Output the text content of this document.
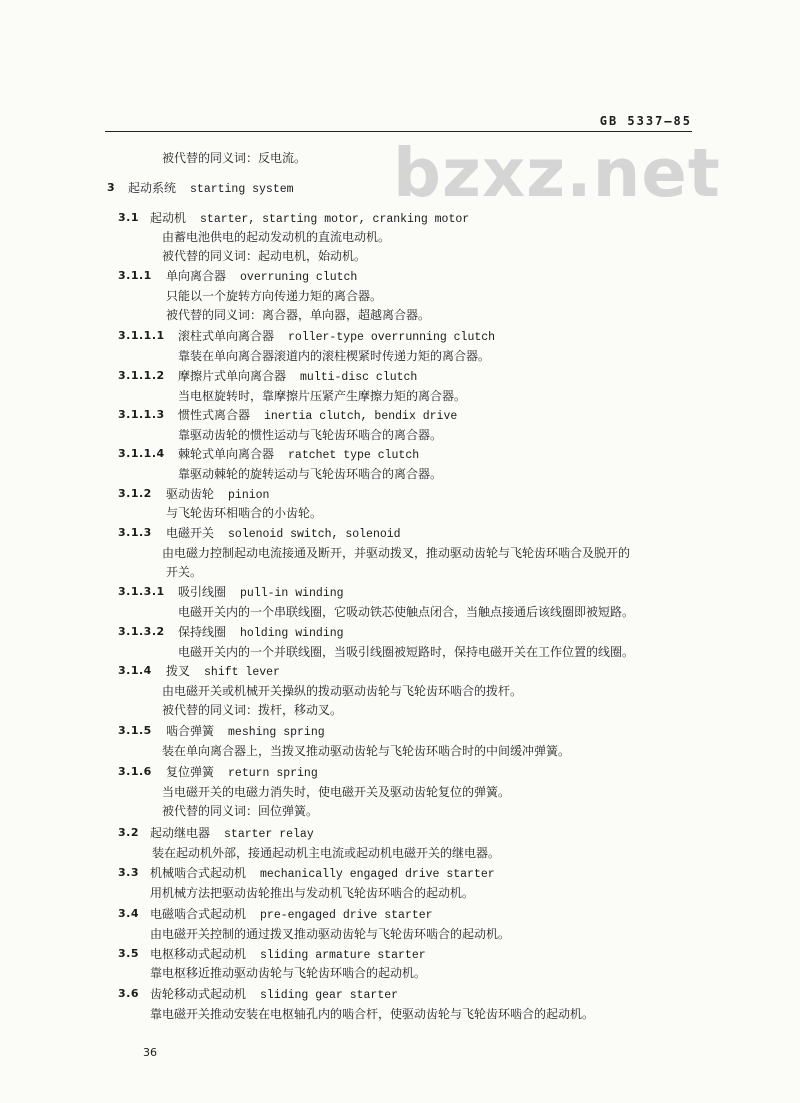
GB 5337—85
bzxz.net
被代替的同义词：反电流。
3 起动系统 starting system
3.1 起动机 starter, starting motor, cranking motor
由蓄电池供电的起动发动机的直流电动机。
被代替的同义词：起动电机，始动机。
3.1.1 单向离合器 overruning clutch
只能以一个旋转方向传递力矩的离合器。
被代替的同义词：离合器，单向器，超越离合器。
3.1.1.1 滚柱式单向离合器 roller-type overrunning clutch
靠装在单向离合器滚道内的滚柱楔紧时传递力矩的离合器。
3.1.1.2 摩擦片式单向离合器 multi-disc clutch
当电枢旋转时，靠摩擦片压紧产生摩擦力矩的离合器。
3.1.1.3 惯性式离合器 inertia clutch, bendix drive
靠驱动齿轮的惯性运动与飞轮齿环啮合的离合器。
3.1.1.4 棘轮式单向离合器 ratchet type clutch
靠驱动棘轮的旋转运动与飞轮齿环啮合的离合器。
3.1.2 驱动齿轮 pinion
与飞轮齿环相啮合的小齿轮。
3.1.3 电磁开关 solenoid switch, solenoid
由电磁力控制起动电流接通及断开，并驱动拨叉，推动驱动齿轮与飞轮齿环啮合及脱开的
开关。
3.1.3.1 吸引线圈 pull-in winding
电磁开关内的一个串联线圈，它吸动铁芯使触点闭合，当触点接通后该线圈即被短路。
3.1.3.2 保持线圈 holding winding
电磁开关内的一个并联线圈，当吸引线圈被短路时，保持电磁开关在工作位置的线圈。
3.1.4 拨叉 shift lever
由电磁开关或机械开关操纵的拨动驱动齿轮与飞轮齿环啮合的拨杆。
被代替的同义词：拨杆，移动叉。
3.1.5 啮合弹簧 meshing spring
装在单向离合器上，当拨叉推动驱动齿轮与飞轮齿环啮合时的中间缓冲弹簧。
3.1.6 复位弹簧 return spring
当电磁开关的电磁力消失时，使电磁开关及驱动齿轮复位的弹簧。
被代替的同义词：回位弹簧。
3.2 起动继电器 starter relay
装在起动机外部，接通起动机主电流或起动机电磁开关的继电器。
3.3 机械啮合式起动机 mechanically engaged drive starter
用机械方法把驱动齿轮推出与发动机飞轮齿环啮合的起动机。
3.4 电磁啮合式起动机 pre-engaged drive starter
由电磁开关控制的通过拨叉推动驱动齿轮与飞轮齿环啮合的起动机。
3.5 电枢移动式起动机 sliding armature starter
靠电枢移近推动驱动齿轮与飞轮齿环啮合的起动机。
3.6 齿轮移动式起动机 sliding gear starter
靠电磁开关推动安装在电枢轴孔内的啮合杆，使驱动齿轮与飞轮齿环啮合的起动机。
36
